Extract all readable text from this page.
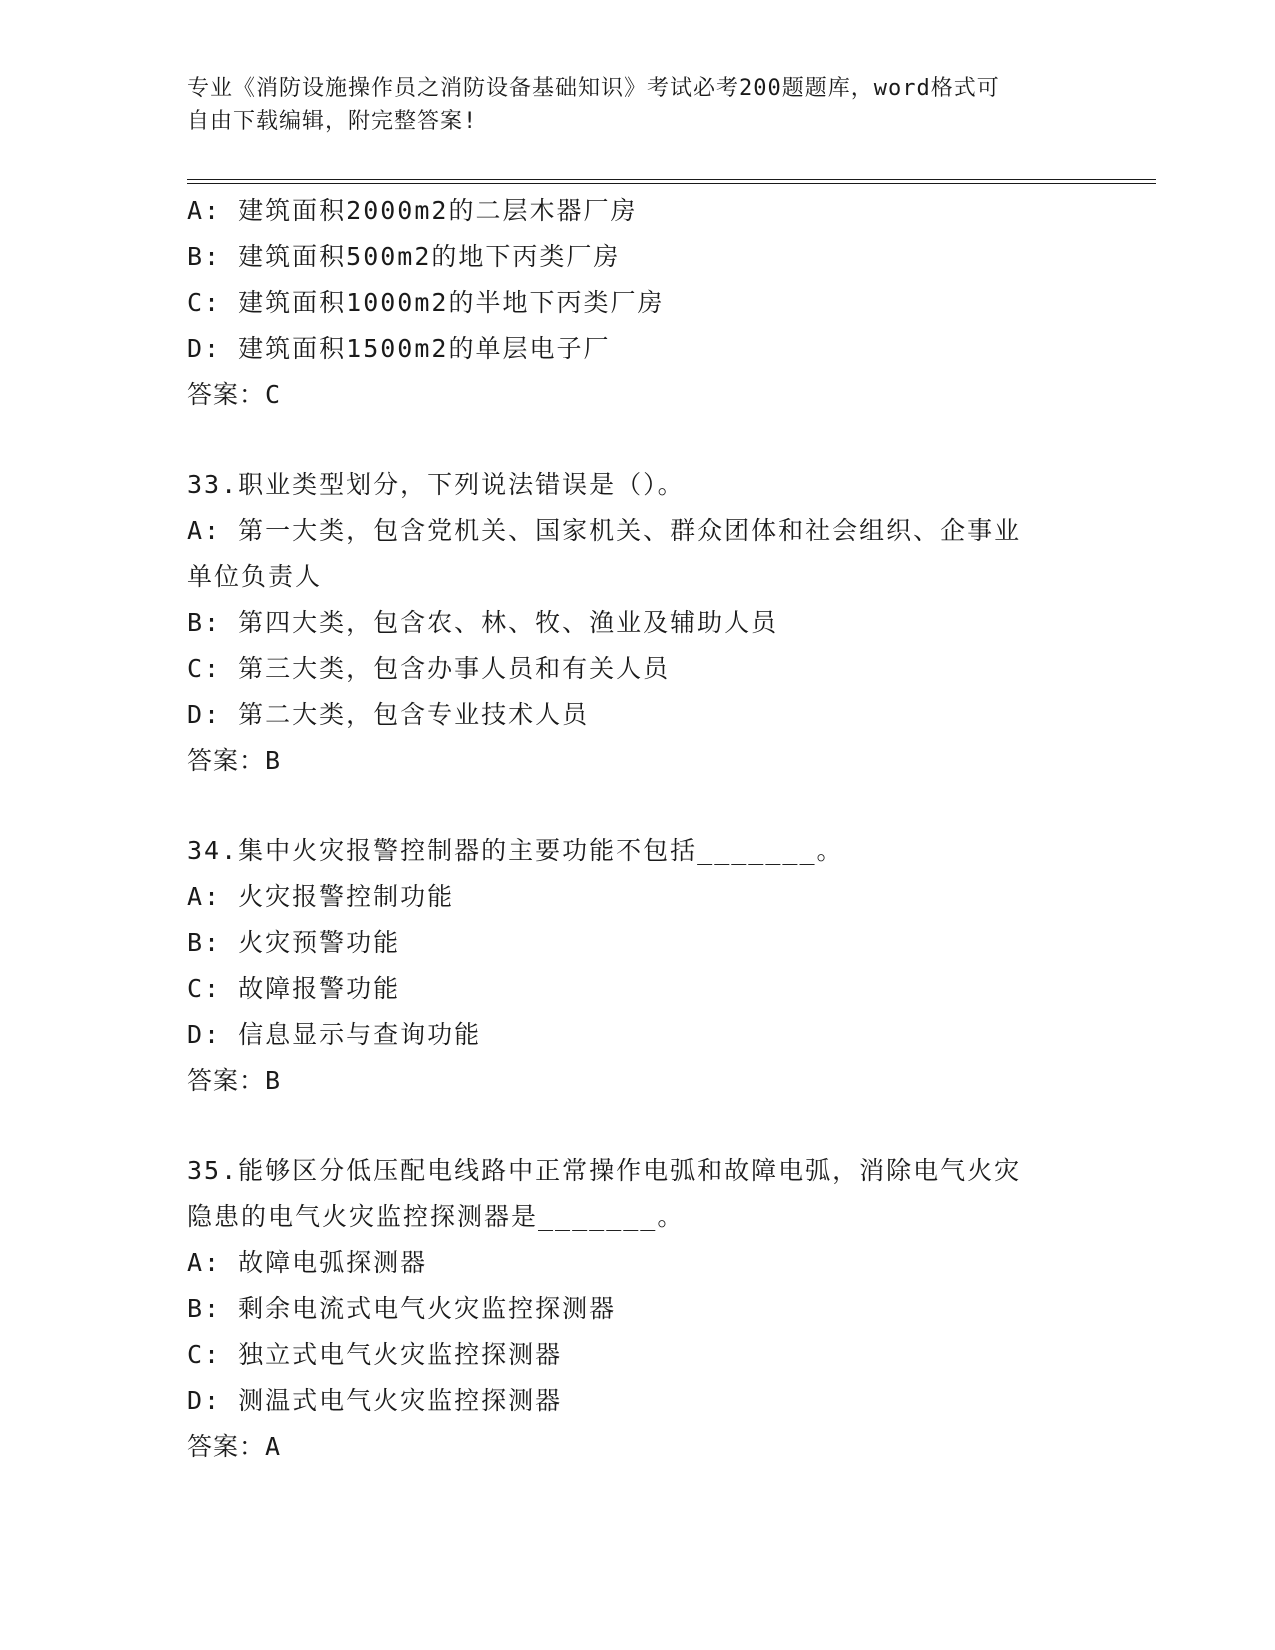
专业《消防设施操作员之消防设备基础知识》考试必考200题题库，word格式可
自由下载编辑，附完整答案!
A: 建筑面积2000m2的二层木器厂房
B: 建筑面积500m2的地下丙类厂房
C: 建筑面积1000m2的半地下丙类厂房
D: 建筑面积1500m2的单层电子厂
答案：C
33.职业类型划分，下列说法错误是（）。
A: 第一大类，包含党机关、国家机关、群众团体和社会组织、企事业
单位负责人
B: 第四大类，包含农、林、牧、渔业及辅助人员
C: 第三大类，包含办事人员和有关人员
D: 第二大类，包含专业技术人员
答案：B
34.集中火灾报警控制器的主要功能不包括_______。
A: 火灾报警控制功能
B: 火灾预警功能
C: 故障报警功能
D: 信息显示与查询功能
答案：B
35.能够区分低压配电线路中正常操作电弧和故障电弧，消除电气火灾
隐患的电气火灾监控探测器是_______。
A: 故障电弧探测器
B: 剩余电流式电气火灾监控探测器
C: 独立式电气火灾监控探测器
D: 测温式电气火灾监控探测器
答案：A
